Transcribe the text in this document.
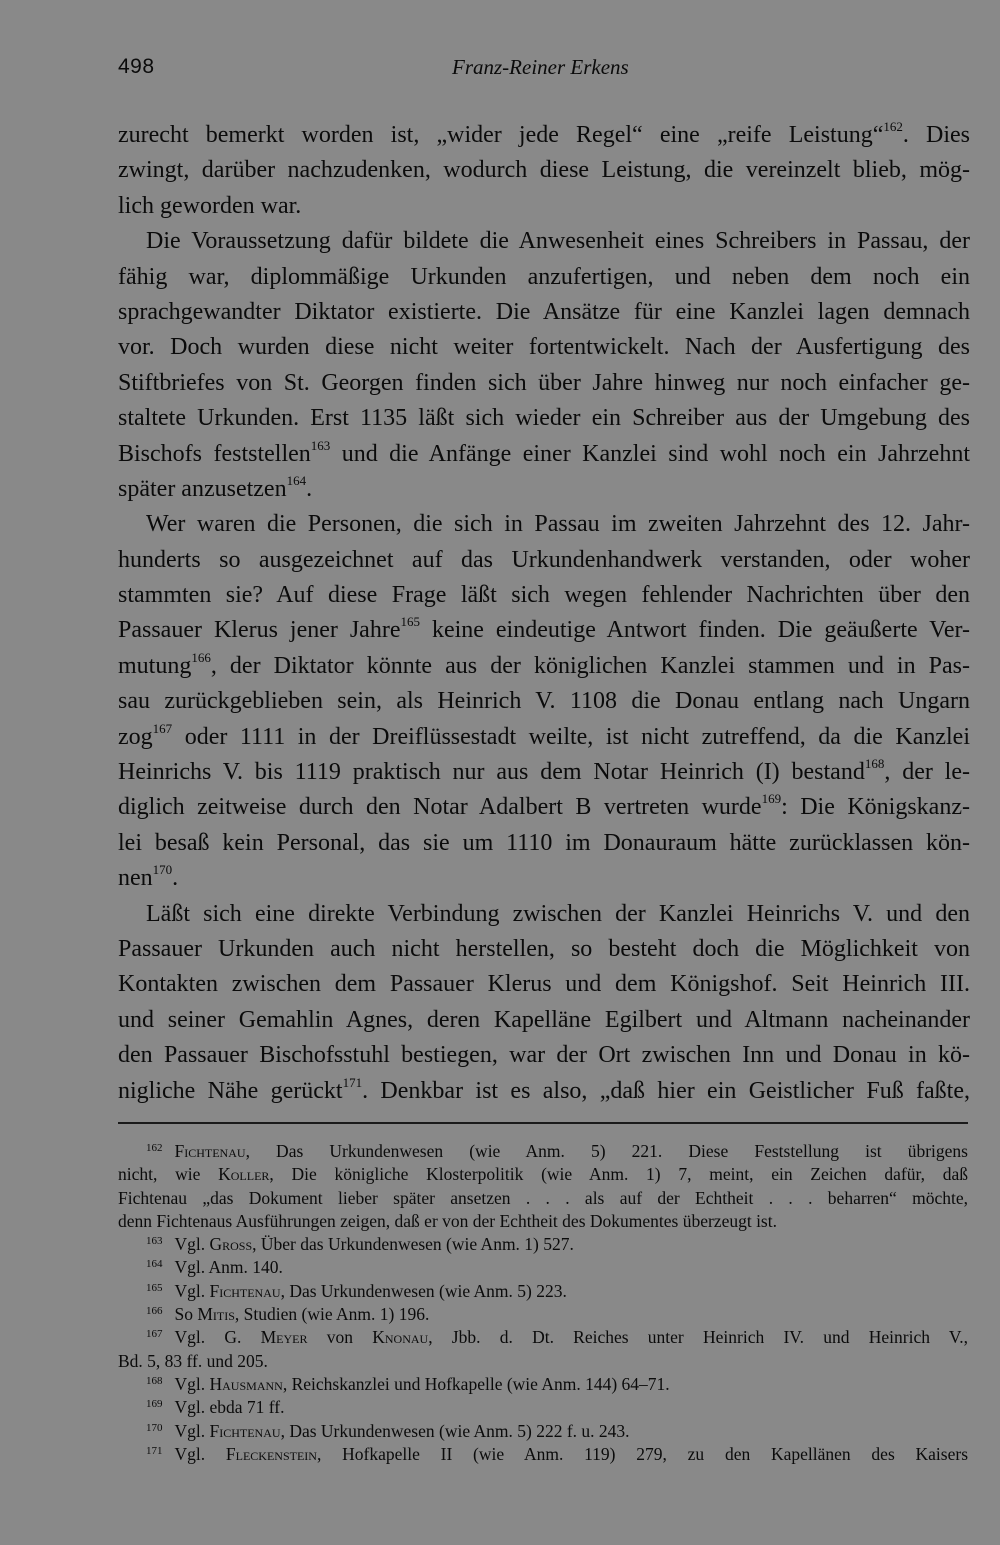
498	Franz-Reiner Erkens
zurecht bemerkt worden ist, „wider jede Regel“ eine „reife Leistung“$^{162}$. Dies
zwingt, darüber nachzudenken, wodurch diese Leistung, die vereinzelt blieb, mög-
lich geworden war.
Die Voraussetzung dafür bildete die Anwesenheit eines Schreibers in Passau, der
fähig war, diplommäßige Urkunden anzufertigen, und neben dem noch ein
sprachgewandter Diktator existierte. Die Ansätze für eine Kanzlei lagen demnach
vor. Doch wurden diese nicht weiter fortentwickelt. Nach der Ausfertigung des
Stiftbriefes von St. Georgen finden sich über Jahre hinweg nur noch einfacher ge-
staltete Urkunden. Erst 1135 läßt sich wieder ein Schreiber aus der Umgebung des
Bischofs feststellen$^{163}$ und die Anfänge einer Kanzlei sind wohl noch ein Jahrzehnt
später anzusetzen$^{164}$.
Wer waren die Personen, die sich in Passau im zweiten Jahrzehnt des 12. Jahr-
hunderts so ausgezeichnet auf das Urkundenhandwerk verstanden, oder woher
stammten sie? Auf diese Frage läßt sich wegen fehlender Nachrichten über den
Passauer Klerus jener Jahre$^{165}$ keine eindeutige Antwort finden. Die geäußerte Ver-
mutung$^{166}$, der Diktator könnte aus der königlichen Kanzlei stammen und in Pas-
sau zurückgeblieben sein, als Heinrich V. 1108 die Donau entlang nach Ungarn
zog$^{167}$ oder 1111 in der Dreiflüssestadt weilte, ist nicht zutreffend, da die Kanzlei
Heinrichs V. bis 1119 praktisch nur aus dem Notar Heinrich (I) bestand$^{168}$, der le-
diglich zeitweise durch den Notar Adalbert B vertreten wurde$^{169}$: Die Königskanz-
lei besaß kein Personal, das sie um 1110 im Donauraum hätte zurücklassen kön-
nen$^{170}$.
Läßt sich eine direkte Verbindung zwischen der Kanzlei Heinrichs V. und den
Passauer Urkunden auch nicht herstellen, so besteht doch die Möglichkeit von
Kontakten zwischen dem Passauer Klerus und dem Königshof. Seit Heinrich III.
und seiner Gemahlin Agnes, deren Kapelläne Egilbert und Altmann nacheinander
den Passauer Bischofsstuhl bestiegen, war der Ort zwischen Inn und Donau in kö-
nigliche Nähe gerückt$^{171}$. Denkbar ist es also, „daß hier ein Geistlicher Fuß faßte,
$^{162}$ Fichtenau, Das Urkundenwesen (wie Anm. 5) 221. Diese Feststellung ist übrigens
nicht, wie Koller, Die königliche Klosterpolitik (wie Anm. 1) 7, meint, ein Zeichen dafür, daß
Fichtenau „das Dokument lieber später ansetzen . . . als auf der Echtheit . . . beharren“ möchte,
denn Fichtenaus Ausführungen zeigen, daß er von der Echtheit des Dokumentes überzeugt ist.
$^{163}$ Vgl. Gross, Über das Urkundenwesen (wie Anm. 1) 527.
$^{164}$ Vgl. Anm. 140.
$^{165}$ Vgl. Fichtenau, Das Urkundenwesen (wie Anm. 5) 223.
$^{166}$ So Mitis, Studien (wie Anm. 1) 196.
$^{167}$ Vgl. G. Meyer von Knonau, Jbb. d. Dt. Reiches unter Heinrich IV. und Heinrich V.,
Bd. 5, 83 ff. und 205.
$^{168}$ Vgl. Hausmann, Reichskanzlei und Hofkapelle (wie Anm. 144) 64–71.
$^{169}$ Vgl. ebda 71 ff.
$^{170}$ Vgl. Fichtenau, Das Urkundenwesen (wie Anm. 5) 222 f. u. 243.
$^{171}$ Vgl. Fleckenstein, Hofkapelle II (wie Anm. 119) 279, zu den Kapellänen des Kaisers
